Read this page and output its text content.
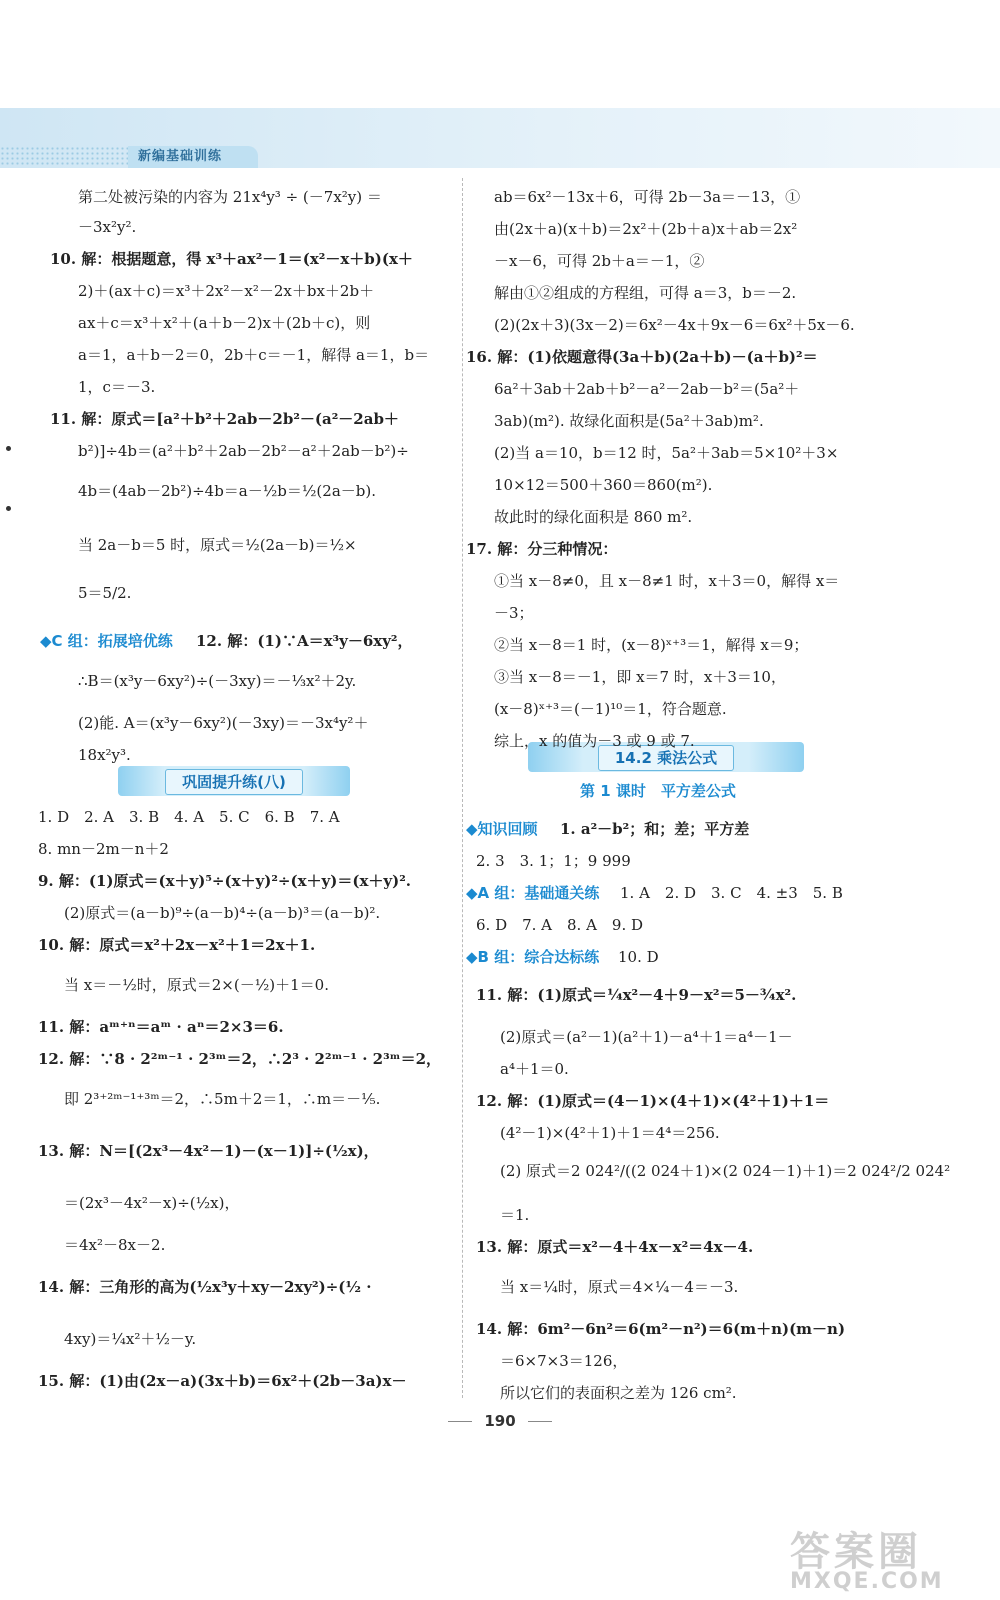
新编基础训练
巩固提升练(八)
14.2 乘法公式
第 1 课时　平方差公式
190
答案圈
MXQE.COM
第二处被污染的内容为 21x⁴y³ ÷ (－7x²y) ＝
－3x²y².
10. 解：根据题意，得 x³＋ax²－1＝(x²－x＋b)(x＋
2)＋(ax＋c)＝x³＋2x²－x²－2x＋bx＋2b＋
ax＋c＝x³＋x²＋(a＋b－2)x＋(2b＋c)，则
a＝1，a＋b－2＝0，2b＋c＝－1，解得 a＝1，b＝
1，c＝－3.
11. 解：原式＝[a²＋b²＋2ab－2b²－(a²－2ab＋
b²)]÷4b＝(a²＋b²＋2ab－2b²－a²＋2ab－b²)÷
4b＝(4ab－2b²)÷4b＝a－½b＝½(2a－b).
当 2a－b＝5 时，原式＝½(2a－b)＝½×
5＝5/2.
12. 解：(1)∵A＝x³y－6xy²，
∴B＝(x³y－6xy²)÷(－3xy)＝－⅓x²＋2y.
(2)能. A＝(x³y－6xy²)(－3xy)＝－3x⁴y²＋
18x²y³.
1. D　2. A　3. B　4. A　5. C　6. B　7. A
8. mn－2m－n＋2
9. 解：(1)原式＝(x＋y)⁵÷(x＋y)²÷(x＋y)＝(x＋y)².
(2)原式＝(a－b)⁹÷(a－b)⁴÷(a－b)³＝(a－b)².
10. 解：原式＝x²＋2x－x²＋1＝2x＋1.
当 x＝－½时，原式＝2×(－½)＋1＝0.
11. 解：aᵐ⁺ⁿ＝aᵐ · aⁿ＝2×3＝6.
12. 解：∵8 · 2²ᵐ⁻¹ · 2³ᵐ＝2，∴2³ · 2²ᵐ⁻¹ · 2³ᵐ＝2，
即 2³⁺²ᵐ⁻¹⁺³ᵐ＝2，∴5m＋2＝1，∴m＝－⅕.
13. 解：N＝[(2x³－4x²－1)－(x－1)]÷(½x)，
＝(2x³－4x²－x)÷(½x)，
＝4x²－8x－2.
14. 解：三角形的高为(½x³y＋xy－2xy²)÷(½ ·
4xy)＝¼x²＋½－y.
15. 解：(1)由(2x－a)(3x＋b)＝6x²＋(2b－3a)x－
ab＝6x²－13x＋6，可得 2b－3a＝－13，①
由(2x＋a)(x＋b)＝2x²＋(2b＋a)x＋ab＝2x²
－x－6，可得 2b＋a＝－1，②
解由①②组成的方程组，可得 a＝3，b＝－2.
(2)(2x＋3)(3x－2)＝6x²－4x＋9x－6＝6x²＋5x－6.
16. 解：(1)依题意得(3a＋b)(2a＋b)－(a＋b)²＝
6a²＋3ab＋2ab＋b²－a²－2ab－b²＝(5a²＋
3ab)(m²). 故绿化面积是(5a²＋3ab)m².
(2)当 a＝10，b＝12 时，5a²＋3ab＝5×10²＋3×
10×12＝500＋360＝860(m²).
故此时的绿化面积是 860 m².
17. 解：分三种情况：
①当 x－8≠0，且 x－8≠1 时，x＋3＝0，解得 x＝
－3；
②当 x－8＝1 时，(x－8)ˣ⁺³＝1，解得 x＝9；
③当 x－8＝－1，即 x＝7 时，x＋3＝10，
(x－8)ˣ⁺³＝(－1)¹⁰＝1，符合题意.
综上，x 的值为－3 或 9 或 7.
1. a²－b²；和；差；平方差
2. 3　3. 1；1；9 999
1. A　2. D　3. C　4. ±3　5. B
6. D　7. A　8. A　9. D
10. D
11. 解：(1)原式＝¼x²－4＋9－x²＝5－¾x².
(2)原式＝(a²－1)(a²＋1)－a⁴＋1＝a⁴－1－
a⁴＋1＝0.
12. 解：(1)原式＝(4－1)×(4＋1)×(4²＋1)＋1＝
(4²－1)×(4²＋1)＋1＝4⁴＝256.
(2) 原式＝2 024²/((2 024＋1)×(2 024－1)＋1)＝2 024²/2 024²
＝1.
13. 解：原式＝x²－4＋4x－x²＝4x－4.
当 x＝¼时，原式＝4×¼－4＝－3.
14. 解：6m²－6n²＝6(m²－n²)＝6(m＋n)(m－n)
＝6×7×3＝126，
所以它们的表面积之差为 126 cm².
◆C 组：拓展培优练
◆知识回顾
◆A 组：基础通关练
◆B 组：综合达标练
